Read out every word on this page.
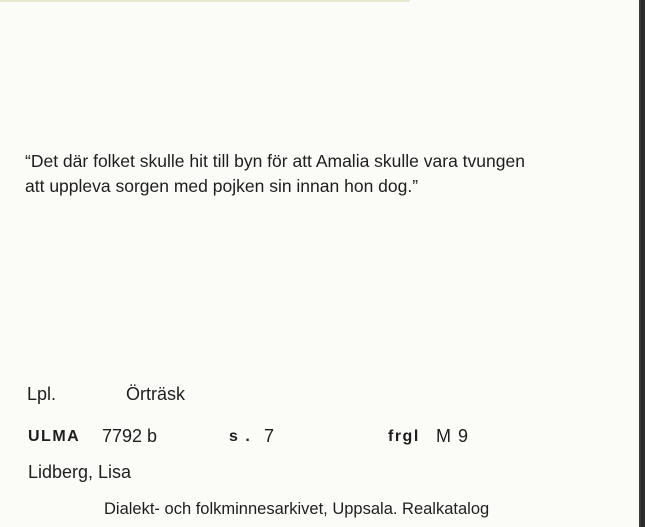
“Det där folket skulle hit till byn för att Amalia skulle vara tvungen
att uppleva sorgen med pojken sin innan hon dog.”
Lpl.	Örträsk
ULMA 7792 b	s . 7	frgl M 9
Lidberg, Lisa
Dialekt- och folkminnesarkivet, Uppsala. Realkatalog
